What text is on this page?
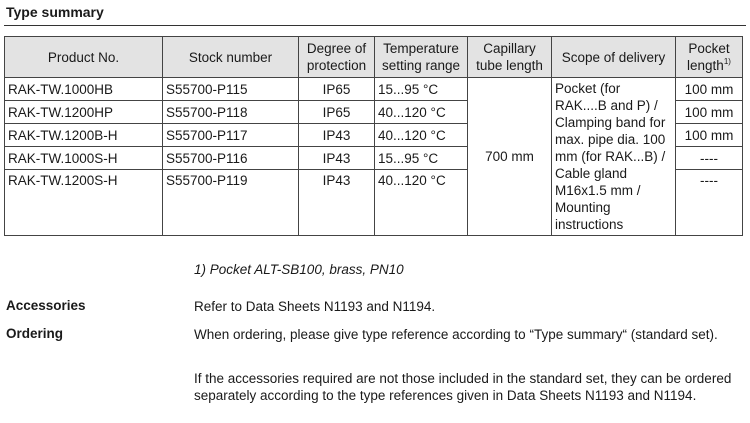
Type summary
Product No.	Stock number	Degree of protection	Temperature setting range	Capillary tube length	Scope of delivery	Pocket length$^{1)}$
RAK-TW.1000HB	S55700-P115	IP65	15...95 °C	700 mm	Pocket (for RAK....B and P) / Clamping band for max. pipe dia. 100 mm (for RAK...B) / Cable gland M16x1.5 mm / Mounting instructions	100 mm
RAK-TW.1200HP	S55700-P118	IP65	40...120 °C			100 mm
RAK-TW.1200B-H	S55700-P117	IP43	40...120 °C			100 mm
RAK-TW.1000S-H	S55700-P116	IP43	15...95 °C			----
RAK-TW.1200S-H	S55700-P119	IP43	40...120 °C			----
1) Pocket ALT-SB100, brass, PN10
Accessories	Refer to Data Sheets N1193 and N1194.
Ordering	When ordering, please give type reference according to “Type summary“ (standard set).
If the accessories required are not those included in the standard set, they can be ordered separately according to the type references given in Data Sheets N1193 and N1194.
